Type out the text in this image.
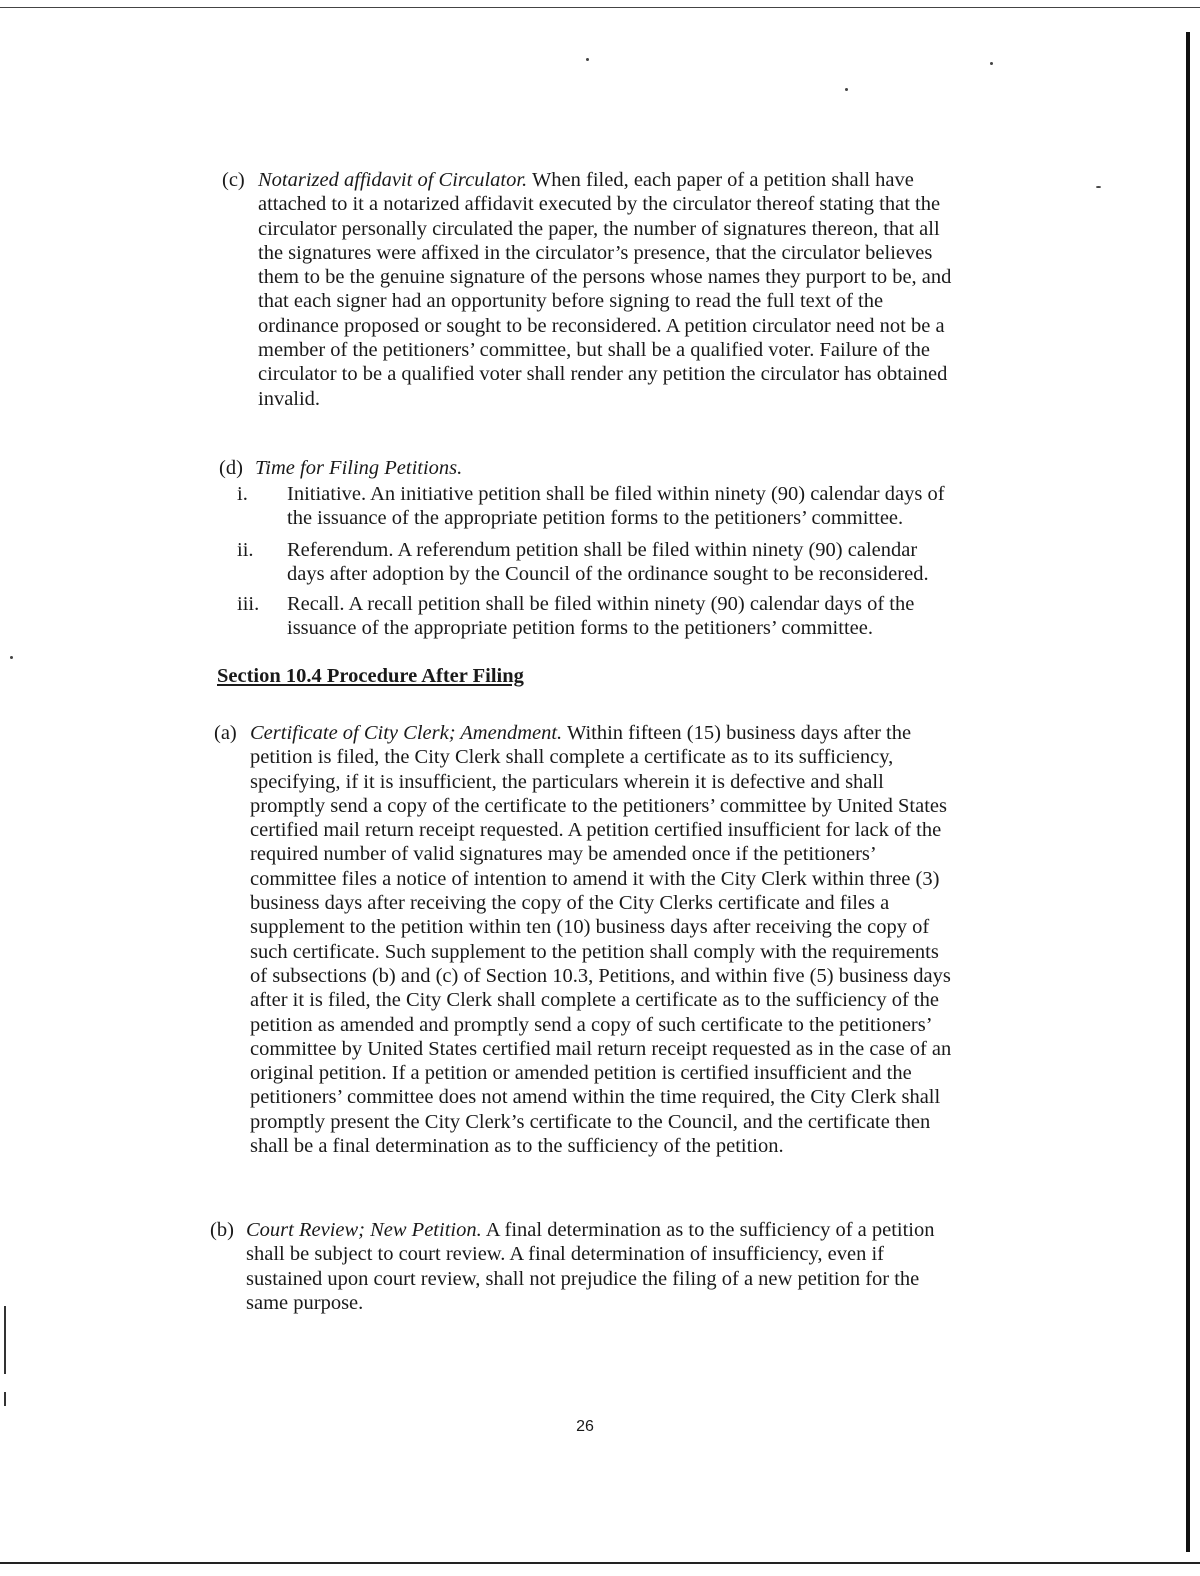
(c) Notarized affidavit of Circulator. When filed, each paper of a petition shall have
attached to it a notarized affidavit executed by the circulator thereof stating that the
circulator personally circulated the paper, the number of signatures thereon, that all
the signatures were affixed in the circulator’s presence, that the circulator believes
them to be the genuine signature of the persons whose names they purport to be, and
that each signer had an opportunity before signing to read the full text of the
ordinance proposed or sought to be reconsidered. A petition circulator need not be a
member of the petitioners’ committee, but shall be a qualified voter. Failure of the
circulator to be a qualified voter shall render any petition the circulator has obtained
invalid.
(d) Time for Filing Petitions.
i. Initiative. An initiative petition shall be filed within ninety (90) calendar days of
the issuance of the appropriate petition forms to the petitioners’ committee.
ii. Referendum. A referendum petition shall be filed within ninety (90) calendar
days after adoption by the Council of the ordinance sought to be reconsidered.
iii. Recall. A recall petition shall be filed within ninety (90) calendar days of the
issuance of the appropriate petition forms to the petitioners’ committee.
Section 10.4 Procedure After Filing
(a) Certificate of City Clerk; Amendment. Within fifteen (15) business days after the
petition is filed, the City Clerk shall complete a certificate as to its sufficiency,
specifying, if it is insufficient, the particulars wherein it is defective and shall
promptly send a copy of the certificate to the petitioners’ committee by United States
certified mail return receipt requested. A petition certified insufficient for lack of the
required number of valid signatures may be amended once if the petitioners’
committee files a notice of intention to amend it with the City Clerk within three (3)
business days after receiving the copy of the City Clerks certificate and files a
supplement to the petition within ten (10) business days after receiving the copy of
such certificate. Such supplement to the petition shall comply with the requirements
of subsections (b) and (c) of Section 10.3, Petitions, and within five (5) business days
after it is filed, the City Clerk shall complete a certificate as to the sufficiency of the
petition as amended and promptly send a copy of such certificate to the petitioners’
committee by United States certified mail return receipt requested as in the case of an
original petition. If a petition or amended petition is certified insufficient and the
petitioners’ committee does not amend within the time required, the City Clerk shall
promptly present the City Clerk’s certificate to the Council, and the certificate then
shall be a final determination as to the sufficiency of the petition.
(b) Court Review; New Petition. A final determination as to the sufficiency of a petition
shall be subject to court review. A final determination of insufficiency, even if
sustained upon court review, shall not prejudice the filing of a new petition for the
same purpose.
26
